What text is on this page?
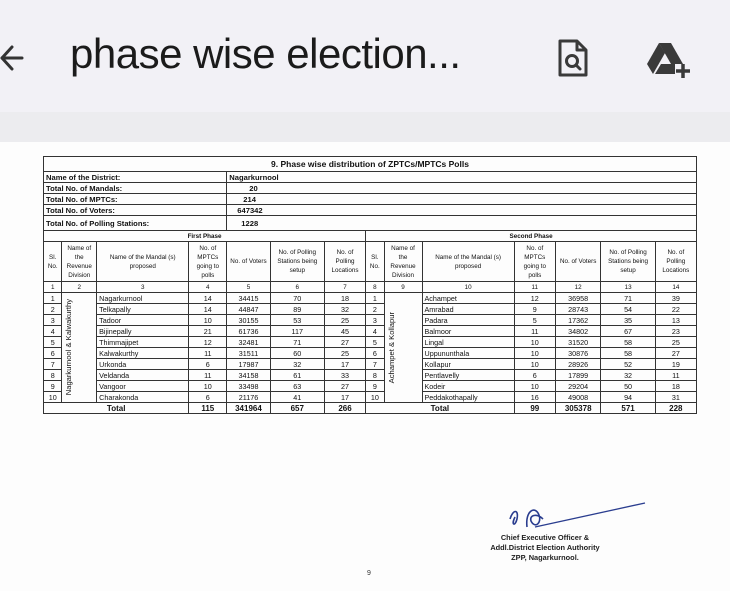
phase wise election...
9. Phase wise distribution of ZPTCs/MPTCs Polls													
Name of the District:				Nagarkurnool									
Total No. of Mandals:				20									
Total No. of MPTCs:				214									
Total No. of Voters:				647342									
Total No. of Polling Stations:				1228									
First Phase							Second Phase						
Sl. No.	Name of the Revenue Division	Name of the Mandal (s) proposed	No. of MPTCs going to polls	No. of Voters	No. of Polling Stations being setup	No. of Polling Locations	Sl. No.	Name of the Revenue Division	Name of the Mandal (s) proposed	No. of MPTCs going to polls	No. of Voters	No. of Polling Stations being setup	No. of Polling Locations
1	2	3	4	5	6	7	8	9	10	11	12	13	14
1	Nagarkurnool & Kalwakurthy	Nagarkurnool	14	34415	70	18	1	Achampet & Kollapur	Achampet	12	36958	71	39
2		Telkapally	14	44847	89	32	2		Amrabad	9	28743	54	22
3		Tadoor	10	30155	53	25	3		Padara	5	17362	35	13
4		Bijinepally	21	61736	117	45	4		Balmoor	11	34802	67	23
5		Thimmajipet	12	32481	71	27	5		Lingal	10	31520	58	25
6		Kalwakurthy	11	31511	60	25	6		Uppununthala	10	30876	58	27
7		Urkonda	6	17987	32	17	7		Kollapur	10	28926	52	19
8		Veldanda	11	34158	61	33	8		Pentlavelly	6	17899	32	11
9		Vangoor	10	33498	63	27	9		Kodeir	10	29204	50	18
10		Charakonda	6	21176	41	17	10		Peddakothapally	16	49008	94	31
Total			115	341964	657	266	Total			99	305378	571	228
Chief Executive Officer &
Addl.District Election Authority
ZPP, Nagarkurnool.
9
